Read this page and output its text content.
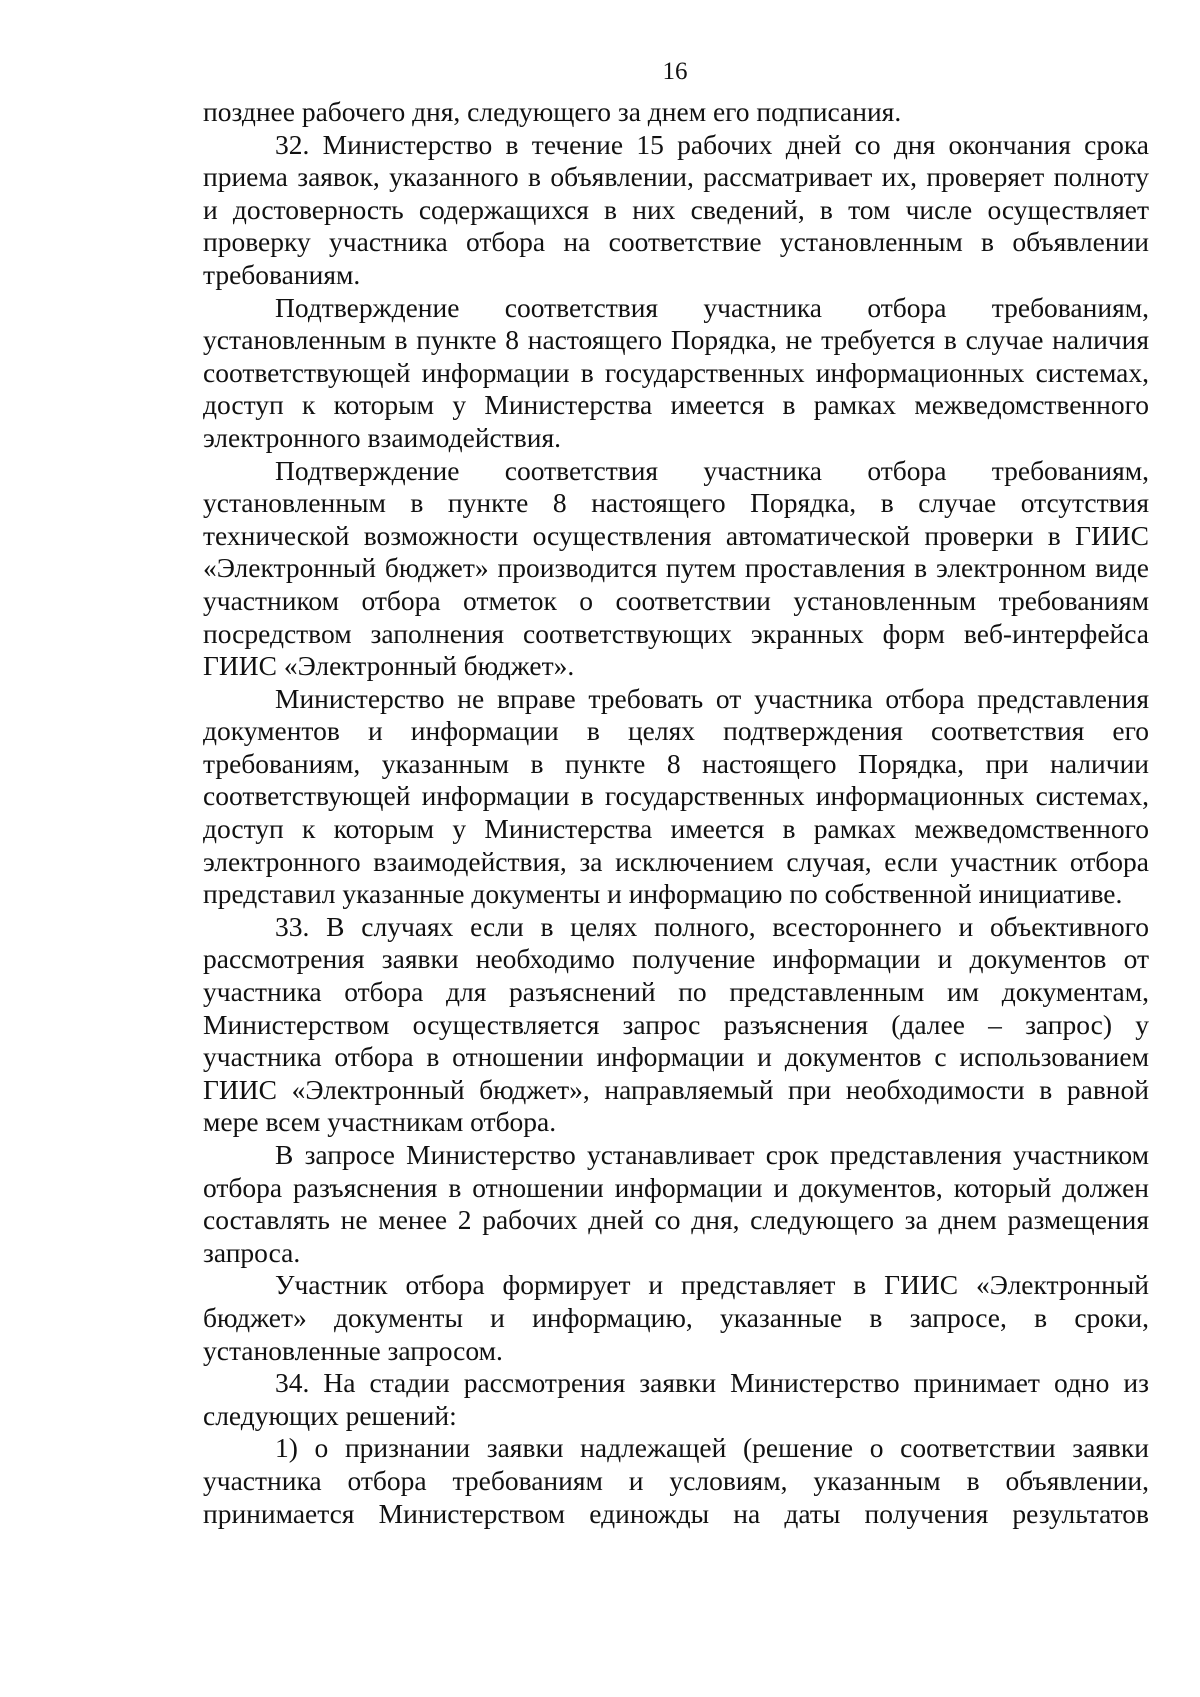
16

позднее рабочего дня, следующего за днем его подписания.

32. Министерство в течение 15 рабочих дней со дня окончания срока приема заявок, указанного в объявлении, рассматривает их, проверяет полноту и достоверность содержащихся в них сведений, в том числе осуществляет проверку участника отбора на соответствие установленным в объявлении требованиям.

Подтверждение соответствия участника отбора требованиям, установленным в пункте 8 настоящего Порядка, не требуется в случае наличия соответствующей информации в государственных информационных системах, доступ к которым у Министерства имеется в рамках межведомственного электронного взаимодействия.

Подтверждение соответствия участника отбора требованиям, установленным в пункте 8 настоящего Порядка, в случае отсутствия технической возможности осуществления автоматической проверки в ГИИС «Электронный бюджет» производится путем проставления в электронном виде участником отбора отметок о соответствии установленным требованиям посредством заполнения соответствующих экранных форм веб-интерфейса ГИИС «Электронный бюджет».

Министерство не вправе требовать от участника отбора представления документов и информации в целях подтверждения соответствия его требованиям, указанным в пункте 8 настоящего Порядка, при наличии соответствующей информации в государственных информационных системах, доступ к которым у Министерства имеется в рамках межведомственного электронного взаимодействия, за исключением случая, если участник отбора представил указанные документы и информацию по собственной инициативе.

33. В случаях если в целях полного, всестороннего и объективного рассмотрения заявки необходимо получение информации и документов от участника отбора для разъяснений по представленным им документам, Министерством осуществляется запрос разъяснения (далее – запрос) у участника отбора в отношении информации и документов с использованием ГИИС «Электронный бюджет», направляемый при необходимости в равной мере всем участникам отбора.

В запросе Министерство устанавливает срок представления участником отбора разъяснения в отношении информации и документов, который должен составлять не менее 2 рабочих дней со дня, следующего за днем размещения запроса.

Участник отбора формирует и представляет в ГИИС «Электронный бюджет» документы и информацию, указанные в запросе, в сроки, установленные запросом.

34. На стадии рассмотрения заявки Министерство принимает одно из следующих решений:

1) о признании заявки надлежащей (решение о соответствии заявки участника отбора требованиям и условиям, указанным в объявлении, принимается Министерством единожды на даты получения результатов
